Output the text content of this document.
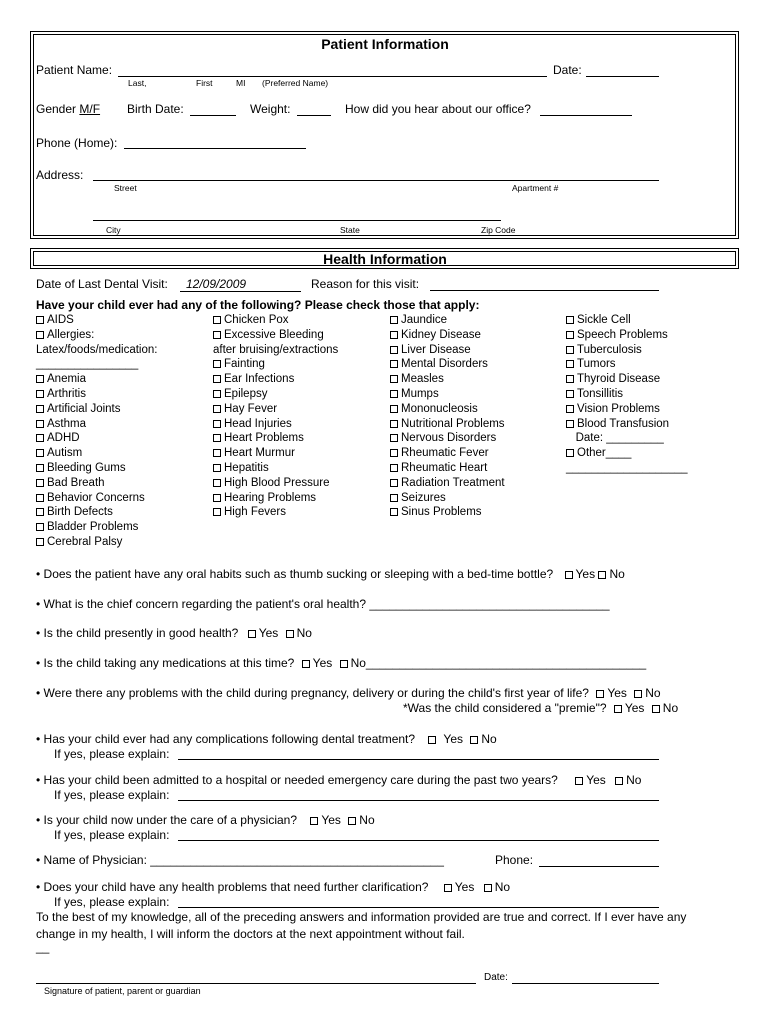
Patient Information
Patient Name:
Last,	First	MI (Preferred Name)
Date:
Gender M/F Birth Date:	Weight:	How did you hear about our office?
Phone (Home):
Address:
Street	Apartment #
City	State	Zip Code
Health Information
Date of Last Dental Visit:	12/09/2009	Reason for this visit:
Have your child ever had any of the following? Please check those that apply:
AIDS
Allergies:
Latex/foods/medication:
________________
Anemia
Arthritis
Artificial Joints
Asthma
ADHD
Autism
Bleeding Gums
Bad Breath
Behavior Concerns
Birth Defects
Bladder Problems
Cerebral Palsy
Chicken Pox
Excessive Bleeding
after bruising/extractions
Fainting
Ear Infections
Epilepsy
Hay Fever
Head Injuries
Heart Problems
Heart Murmur
Hepatitis
High Blood Pressure
Hearing Problems
High Fevers
Jaundice
Kidney Disease
Liver Disease
Mental Disorders
Measles
Mumps
Mononucleosis
Nutritional Problems
Nervous Disorders
Rheumatic Fever
Rheumatic Heart
Radiation Treatment
Seizures
Sinus Problems
Sickle Cell
Speech Problems
Tuberculosis
Tumors
Thyroid Disease
Tonsillitis
Vision Problems
Blood Transfusion
Date: _________
Other____
___________________
• Does the patient have any oral habits such as thumb sucking or sleeping with a bed-time bottle? Yes No
• What is the chief concern regarding the patient's oral health? ____________________________________
• Is the child presently in good health? Yes No
• Is the child taking any medications at this time? Yes No__________________________________________
• Were there any problems with the child during pregnancy, delivery or during the child's first year of life? Yes No
*Was the child considered a "premie"? Yes No
• Has your child ever had any complications following dental treatment? Yes No
If yes, please explain:
• Has your child been admitted to a hospital or needed emergency care during the past two years? Yes No
If yes, please explain:
• Is your child now under the care of a physician? Yes No
If yes, please explain:
• Name of Physician: ____________________________________________	Phone:
• Does your child have any health problems that need further clarification? Yes No
If yes, please explain:
To the best of my knowledge, all of the preceding answers and information provided are true and correct. If I ever have any
change in my health, I will inform the doctors at the next appointment without fail.
__
Date:
Signature of patient, parent or guardian
